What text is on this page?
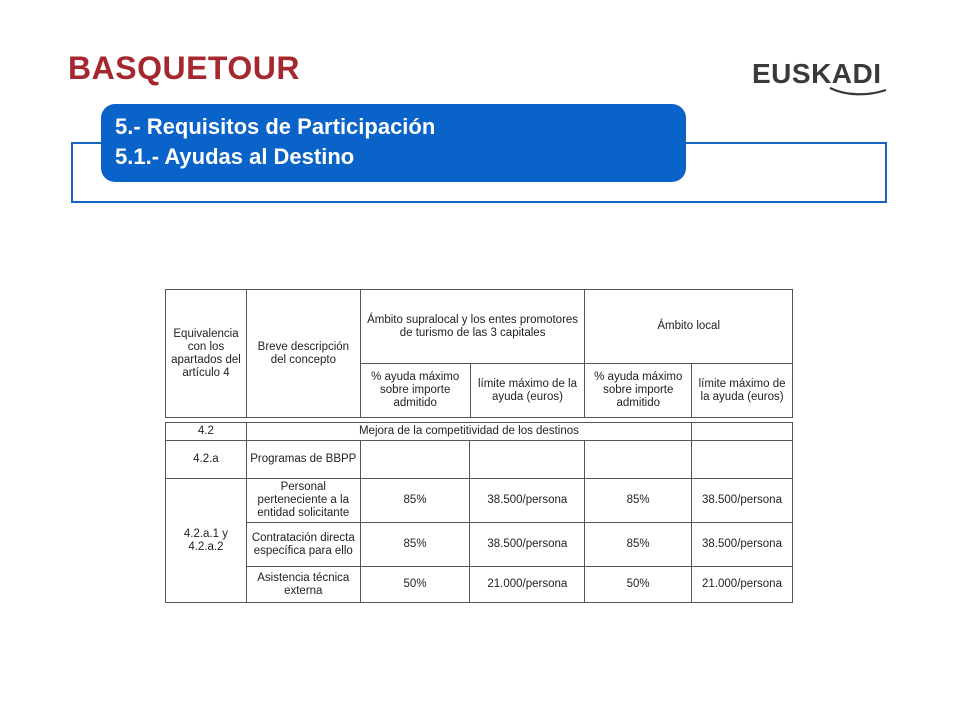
BASQUETOUR	EUSKADI
5.- Requisitos de Participación
5.1.- Ayudas al Destino
Equivalencia con los apartados del artículo 4	Breve descripción del concepto	Ámbito supralocal y los entes promotores de turismo de las 3 capitales		Ámbito local	
		% ayuda máximo sobre importe admitido	límite máximo de la ayuda (euros)	% ayuda máximo sobre importe admitido	límite máximo de la ayuda (euros)
4.2	Mejora de la competitividad de los destinos				
4.2.a	Programas de BBPP				
4.2.a.1 y 4.2.a.2	Personal perteneciente a la entidad solicitante	85%	38.500/persona	85%	38.500/persona
	Contratación directa específica para ello	85%	38.500/persona	85%	38.500/persona
	Asistencia técnica externa	50%	21.000/persona	50%	21.000/persona
